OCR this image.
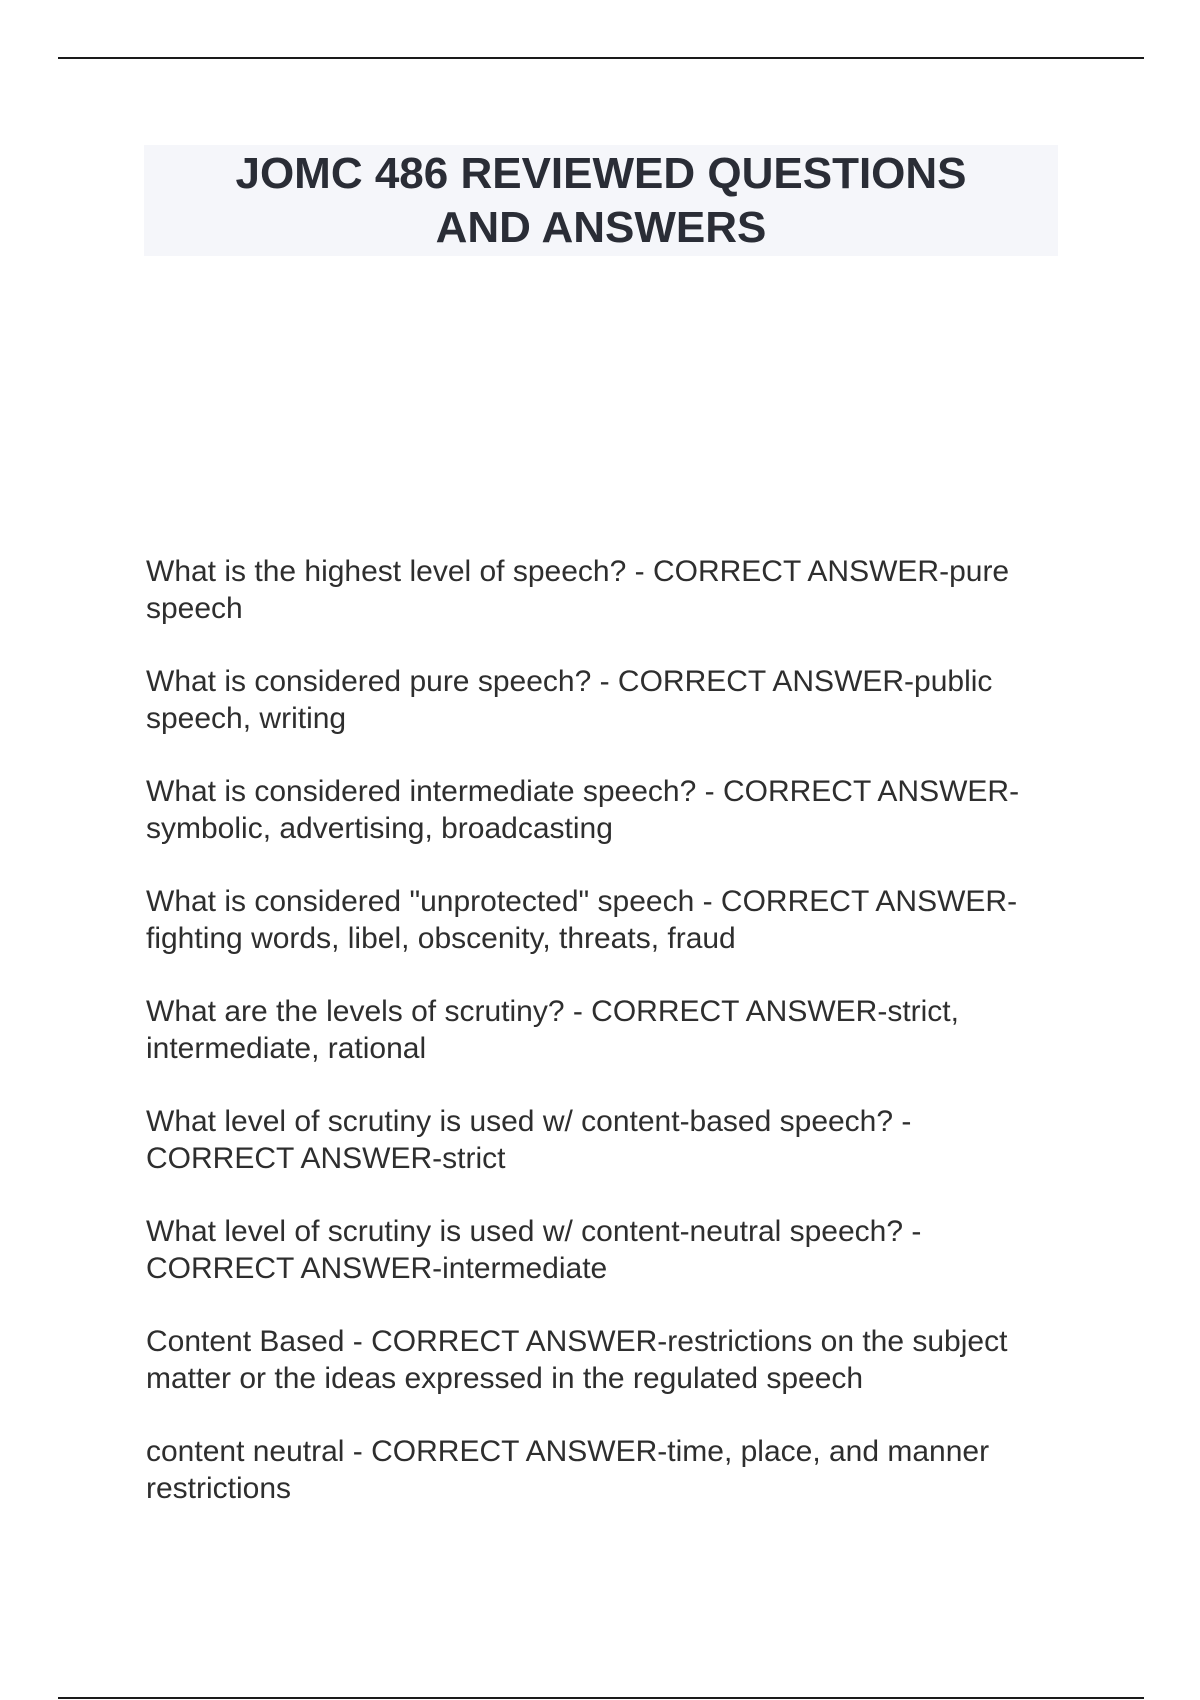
JOMC 486 REVIEWED QUESTIONS
AND ANSWERS
What is the highest level of speech? - CORRECT ANSWER-pure speech
What is considered pure speech? - CORRECT ANSWER-public speech, writing
What is considered intermediate speech? - CORRECT ANSWER-symbolic, advertising, broadcasting
What is considered "unprotected" speech - CORRECT ANSWER-fighting words, libel, obscenity, threats, fraud
What are the levels of scrutiny? - CORRECT ANSWER-strict, intermediate, rational
What level of scrutiny is used w/ content-based speech? - CORRECT ANSWER-strict
What level of scrutiny is used w/ content-neutral speech? - CORRECT ANSWER-intermediate
Content Based - CORRECT ANSWER-restrictions on the subject matter or the ideas expressed in the regulated speech
content neutral - CORRECT ANSWER-time, place, and manner restrictions
